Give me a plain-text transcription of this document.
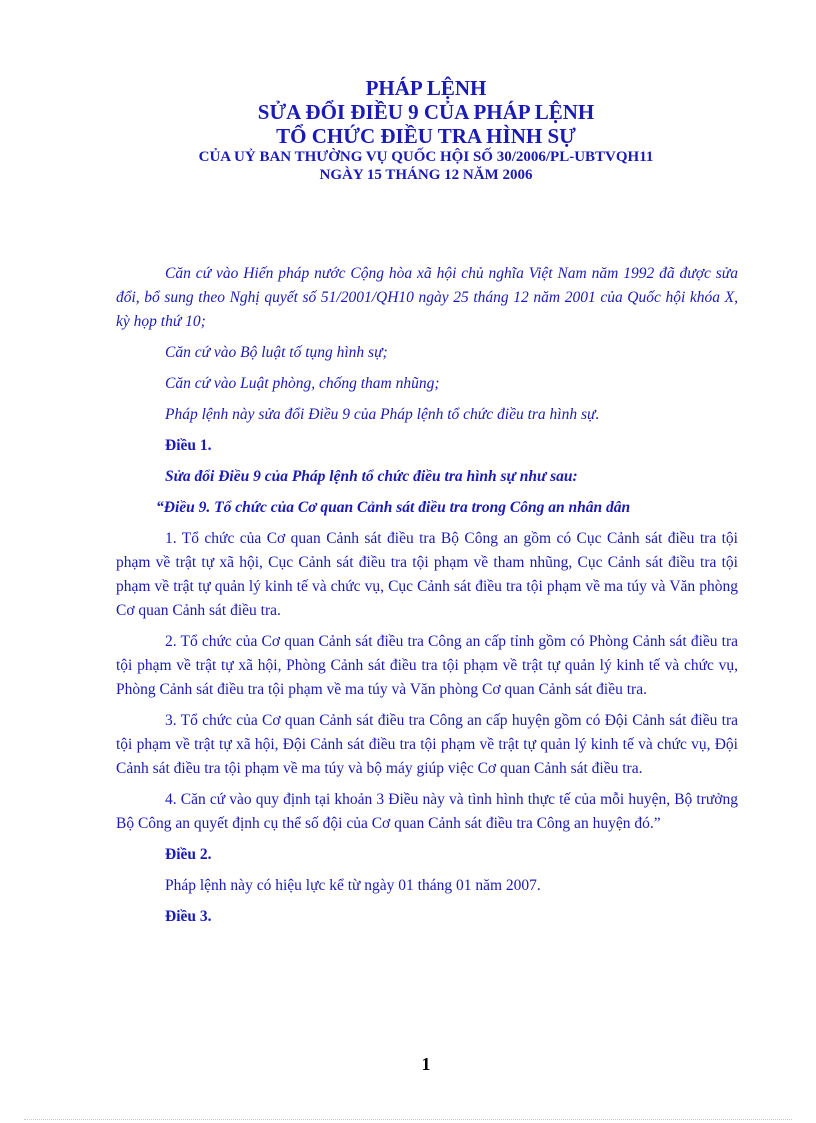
PHÁP LỆNH
SỬA ĐỔI ĐIỀU 9 CỦA PHÁP LỆNH
TỔ CHỨC ĐIỀU TRA HÌNH SỰ
CỦA UỶ BAN THƯỜNG VỤ QUỐC HỘI SỐ 30/2006/PL-UBTVQH11
NGÀY 15 THÁNG 12 NĂM 2006

Căn cứ vào Hiến pháp nước Cộng hòa xã hội chủ nghĩa Việt Nam năm 1992 đã được sửa đổi, bổ sung theo Nghị quyết số 51/2001/QH10 ngày 25 tháng 12 năm 2001 của Quốc hội khóa X, kỳ họp thứ 10;

Căn cứ vào Bộ luật tố tụng hình sự;

Căn cứ vào Luật phòng, chống tham nhũng;

Pháp lệnh này sửa đổi Điều 9 của Pháp lệnh tổ chức điều tra hình sự.

Điều 1.

Sửa đổi Điều 9 của Pháp lệnh tổ chức điều tra hình sự như sau:

“Điều 9. Tổ chức của Cơ quan Cảnh sát điều tra trong Công an nhân dân

1. Tổ chức của Cơ quan Cảnh sát điều tra Bộ Công an gồm có Cục Cảnh sát điều tra tội phạm về trật tự xã hội, Cục Cảnh sát điều tra tội phạm về tham nhũng, Cục Cảnh sát điều tra tội phạm về trật tự quản lý kinh tế và chức vụ, Cục Cảnh sát điều tra tội phạm về ma túy và Văn phòng Cơ quan Cảnh sát điều tra.

2. Tổ chức của Cơ quan Cảnh sát điều tra Công an cấp tỉnh gồm có Phòng Cảnh sát điều tra tội phạm về trật tự xã hội, Phòng Cảnh sát điều tra tội phạm về trật tự quản lý kinh tế và chức vụ, Phòng Cảnh sát điều tra tội phạm về ma túy và Văn phòng Cơ quan Cảnh sát điều tra.

3. Tổ chức của Cơ quan Cảnh sát điều tra Công an cấp huyện gồm có Đội Cảnh sát điều tra tội phạm về trật tự xã hội, Đội Cảnh sát điều tra tội phạm về trật tự quản lý kinh tế và chức vụ, Đội Cảnh sát điều tra tội phạm về ma túy và bộ máy giúp việc Cơ quan Cảnh sát điều tra.

4. Căn cứ vào quy định tại khoản 3 Điều này và tình hình thực tế của mỗi huyện, Bộ trưởng Bộ Công an quyết định cụ thể số đội của Cơ quan Cảnh sát điều tra Công an huyện đó.”

Điều 2.

Pháp lệnh này có hiệu lực kể từ ngày 01 tháng 01 năm 2007.

Điều 3.

1
